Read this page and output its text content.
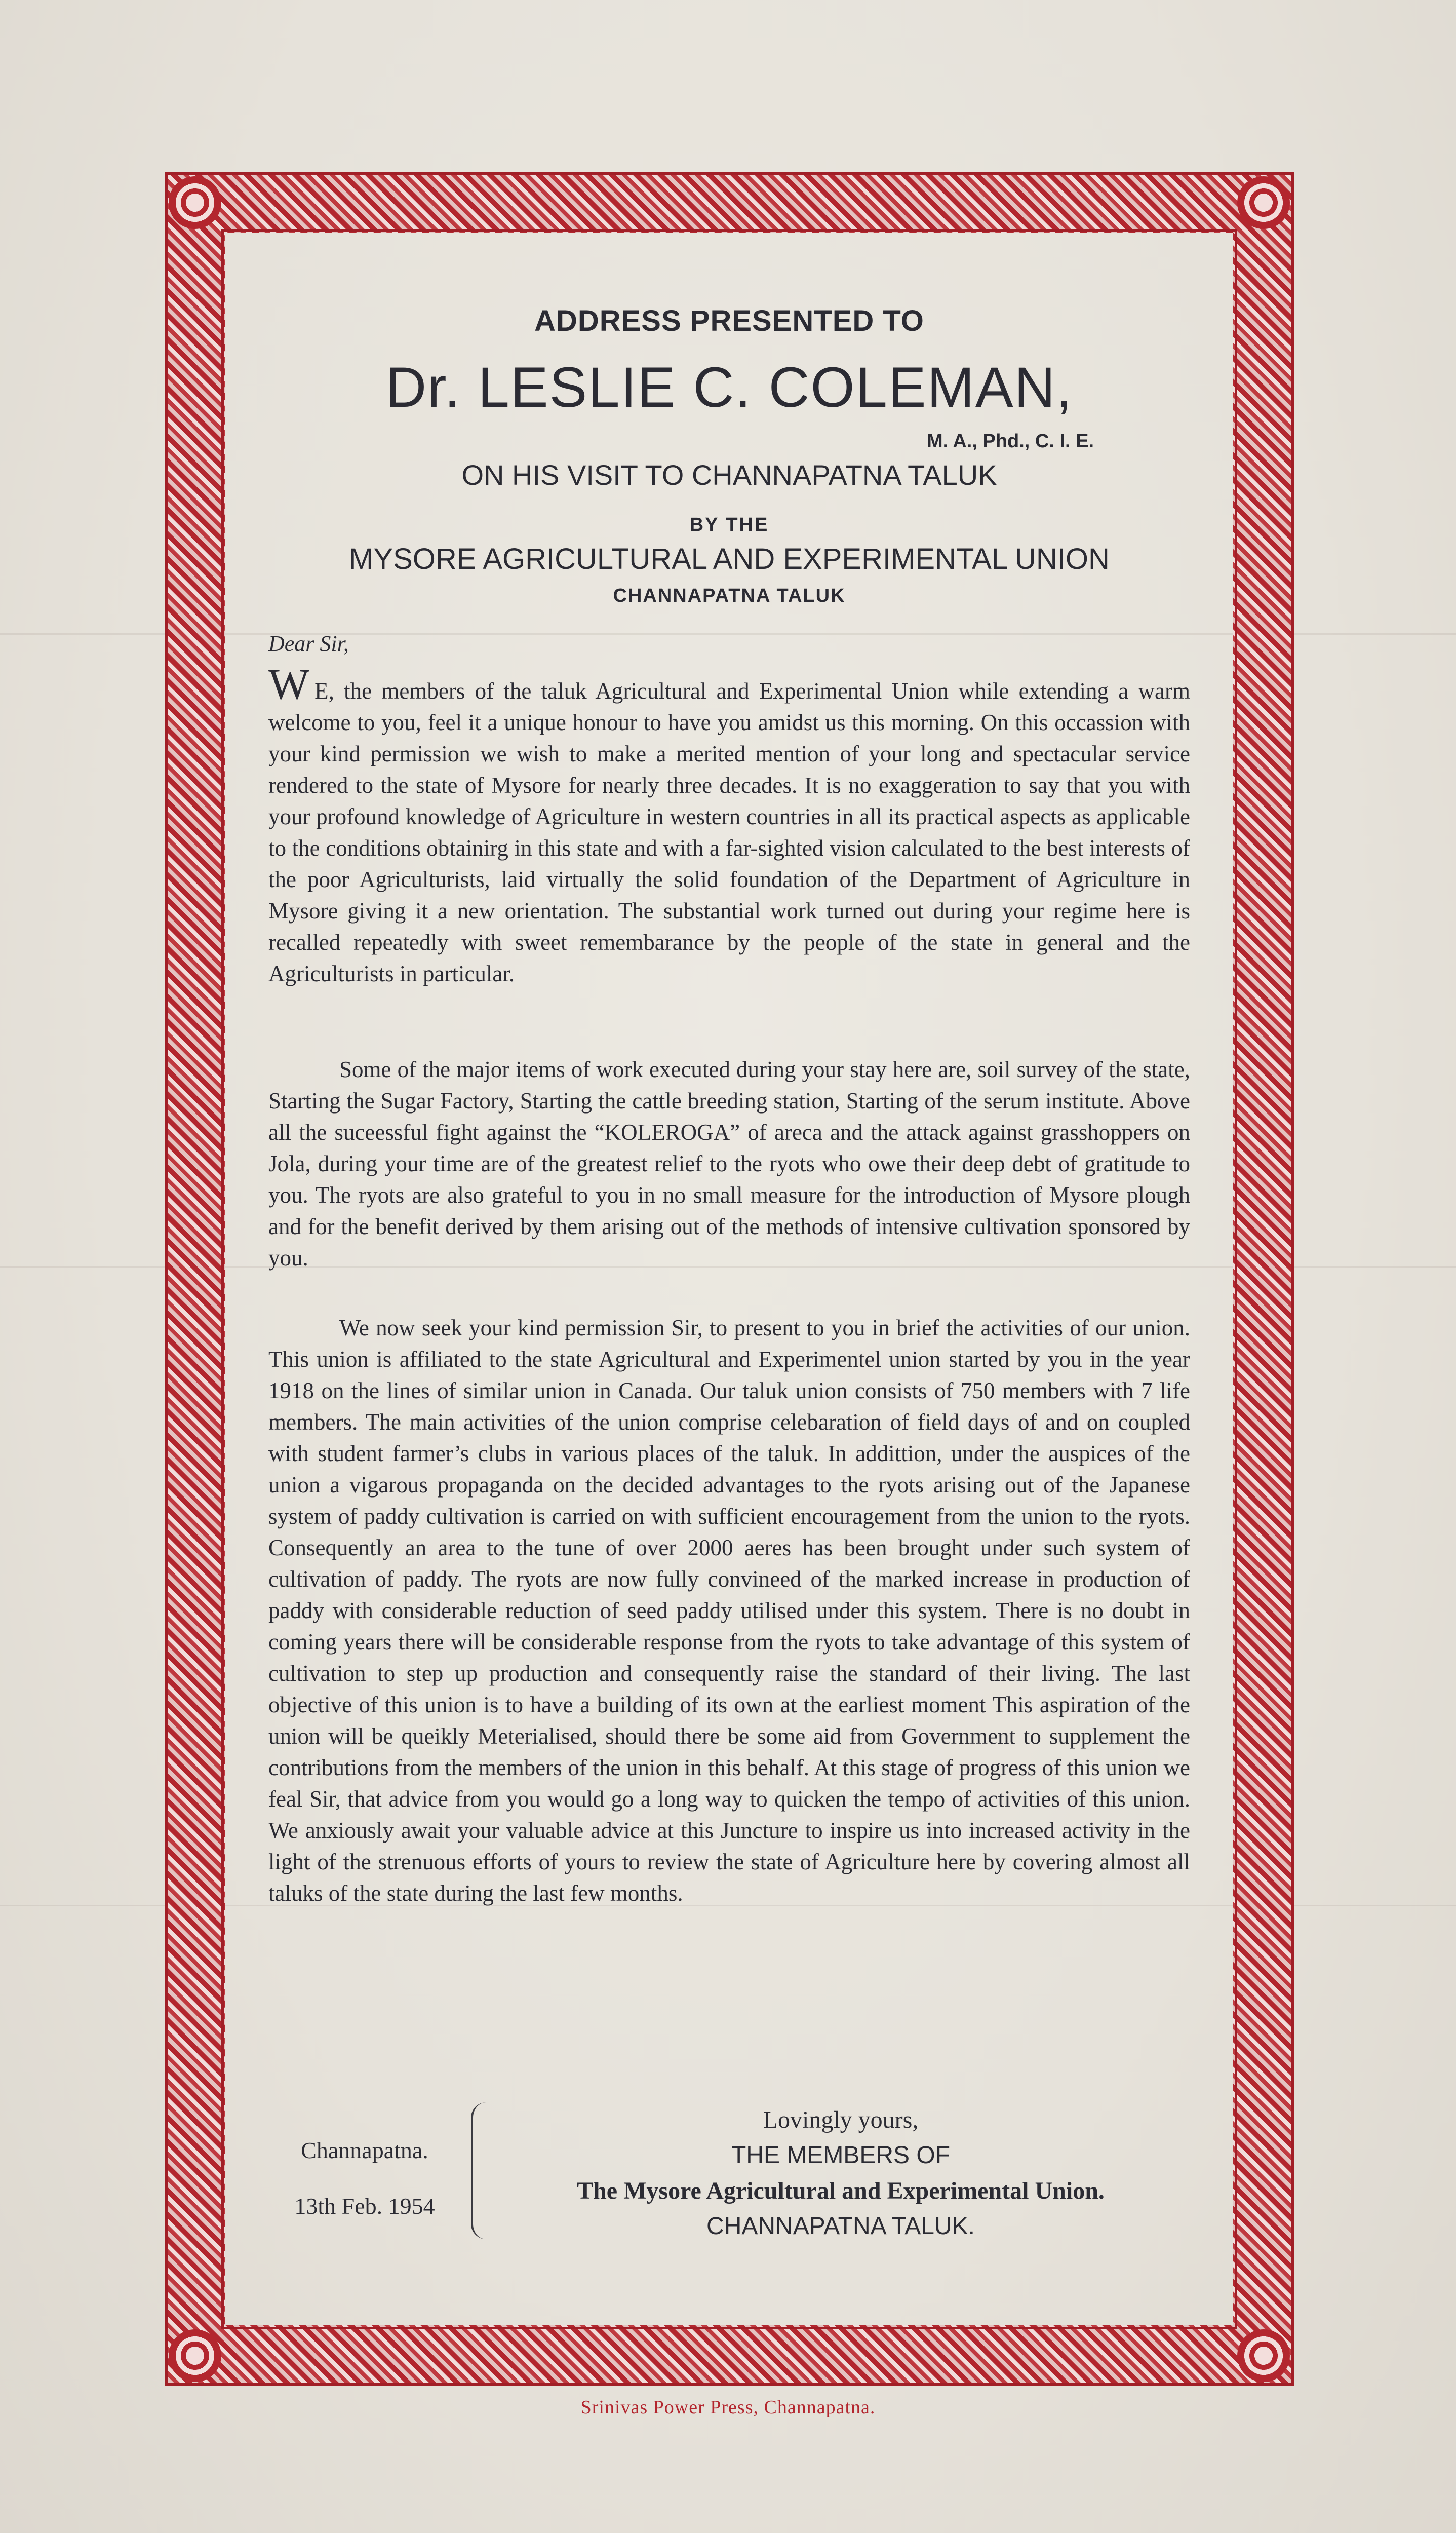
ADDRESS PRESENTED TO
Dr. LESLIE C. COLEMAN,
M. A., Phd., C. I. E.
ON HIS VISIT TO CHANNAPATNA TALUK
BY THE
MYSORE AGRICULTURAL AND EXPERIMENTAL UNION
CHANNAPATNA TALUK
Dear Sir,

W E, the members of the taluk Agricultural and Experimental Union while extending a warm welcome to you, feel it a unique honour to have you amidst us this morning. On this occassion with your kind permission we wish to make a merited mention of your long and spectacular service rendered to the state of Mysore for nearly three decades. It is no exaggeration to say that you with your profound knowledge of Agriculture in western countries in all its practical aspects as applicable to the conditions obtainirg in this state and with a far-sighted vision calculated to the best interests of the poor Agriculturists, laid virtually the solid foundation of the Department of Agriculture in Mysore giving it a new orientation. The substantial work turned out during your regime here is recalled repeatedly with sweet remembarance by the people of the state in general and the Agriculturists in particular.

Some of the major items of work executed during your stay here are, soil survey of the state, Starting the Sugar Factory, Starting the cattle breeding station, Starting of the serum institute. Above all the suceessful fight against the “KOLEROGA” of areca and the attack against grasshoppers on Jola, during your time are of the greatest relief to the ryots who owe their deep debt of gratitude to you. The ryots are also grateful to you in no small measure for the introduction of Mysore plough and for the benefit derived by them arising out of the methods of intensive cultivation sponsored by you.

We now seek your kind permission Sir, to present to you in brief the activities of our union. This union is affiliated to the state Agricultural and Experimentel union started by you in the year 1918 on the lines of similar union in Canada. Our taluk union consists of 750 members with 7 life members. The main activities of the union comprise celebaration of field days of and on coupled with student farmer’s clubs in various places of the taluk. In addittion, under the auspices of the union a vigarous propaganda on the decided advantages to the ryots arising out of the Japanese system of paddy cultivation is carried on with sufficient encouragement from the union to the ryots. Consequently an area to the tune of over 2000 aeres has been brought under such system of cultivation of paddy. The ryots are now fully convineed of the marked increase in production of paddy with considerable reduction of seed paddy utilised under this system. There is no doubt in coming years there will be considerable response from the ryots to take advantage of this system of cultivation to step up production and consequently raise the standard of their living. The last objective of this union is to have a building of its own at the earliest moment This aspiration of the union will be queikly Meterialised, should there be some aid from Government to supplement the contributions from the members of the union in this behalf. At this stage of progress of this union we feal Sir, that advice from you would go a long way to quicken the tempo of activities of this union. We anxiously await your valuable advice at this Juncture to inspire us into increased activity in the light of the strenuous efforts of yours to review the state of Agriculture here by covering almost all taluks of the state during the last few months.

Channapatna.
13th Feb. 1954
Lovingly yours,
THE MEMBERS OF
The Mysore Agricultural and Experimental Union.
CHANNAPATNA TALUK.
Srinivas Power Press, Channapatna.
